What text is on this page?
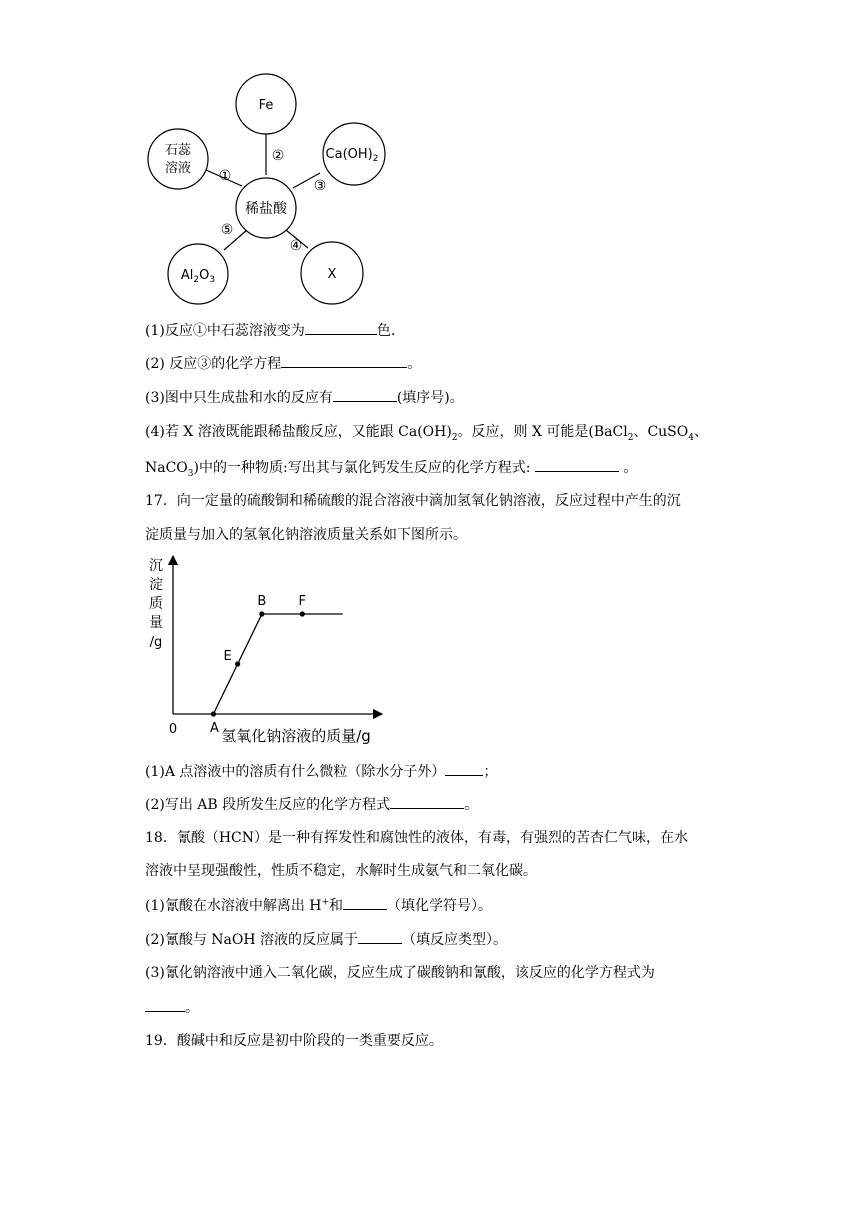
Fe
石蕊
溶液
$Ca(OH)_2$
稀盐酸
$Al_2O_3$	X
①
②
③
④
⑤
(1)反应①中石蕊溶液变为	色.
(2) 反应③的化学方程	。
(3)图中只生成盐和水的反应有	(填序号)。
(4)若 X 溶液既能跟稀盐酸反应，又能跟 $Ca(OH)_2$。反应，则 X 可能是(BaCl$_2$、CuSO$_4$、
NaCO$_3$)中的一种物质:写出其与氯化钙发生反应的化学方程式:	。
17．向一定量的硫酸铜和稀硫酸的混合溶液中滴加氢氧化钠溶液，反应过程中产生的沉
淀质量与加入的氢氧化钠溶液质量关系如下图所示。
沉
淀
质
量
/g
0	氢氧化钠溶液的质量/g
A
E
B F
(1)A 点溶液中的溶质有什么微粒（除水分子外）	；
(2)写出 AB 段所发生反应的化学方程式	。
18．氰酸（HCN）是一种有挥发性和腐蚀性的液体，有毒，有强烈的苦杏仁气味，在水
溶液中呈现强酸性，性质不稳定，水解时生成氨气和二氧化碳。
(1)氰酸在水溶液中解离出 H+和	（填化学符号）。
(2)氰酸与 NaOH 溶液的反应属于	（填反应类型）。
(3)氰化钠溶液中通入二氧化碳，反应生成了碳酸钠和氰酸，该反应的化学方程式为
。
19．酸碱中和反应是初中阶段的一类重要反应。
